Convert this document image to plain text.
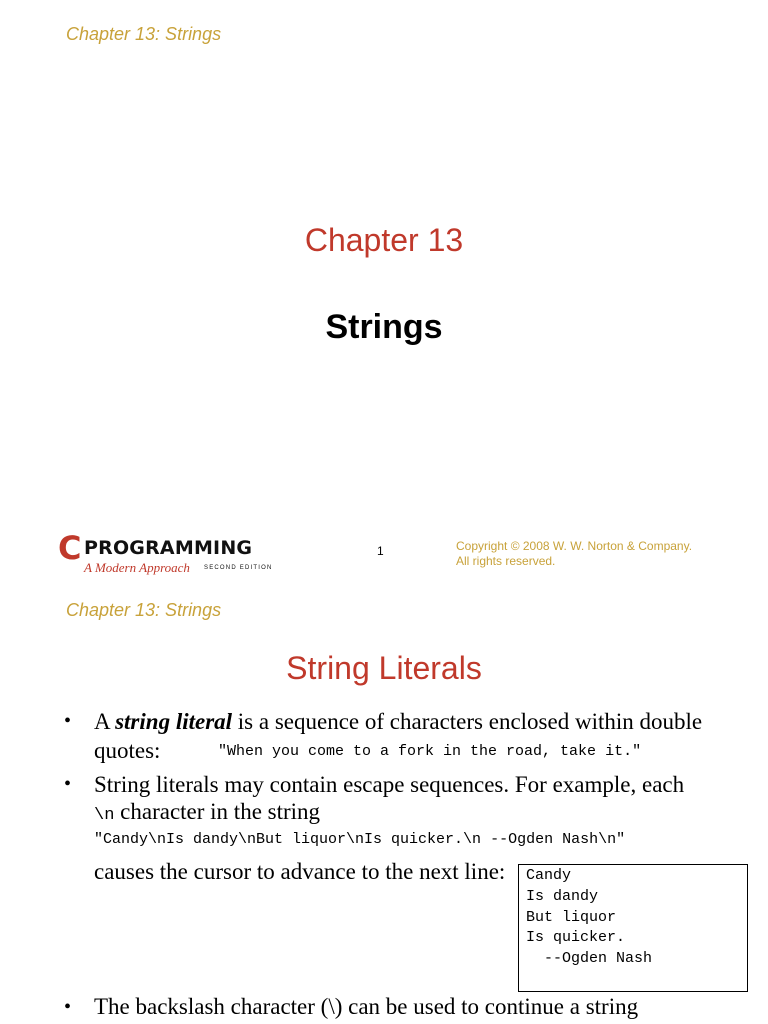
Chapter 13: Strings
Chapter 13
Strings
C PROGRAMMING
A Modern Approach SECOND EDITION
1	Copyright © 2008 W. W. Norton & Company.
All rights reserved.
Chapter 13: Strings
String Literals
• A string literal is a sequence of characters enclosed within double
quotes:	"When you come to a fork in the road, take it."
• String literals may contain escape sequences. For example, each
\n character in the string
"Candy\nIs dandy\nBut liquor\nIs quicker.\n --Ogden Nash\n"
causes the cursor to advance to the next line: Candy
Is dandy
But liquor
Is quicker.
--Ogden Nash
• The backslash character (\) can be used to continue a string
